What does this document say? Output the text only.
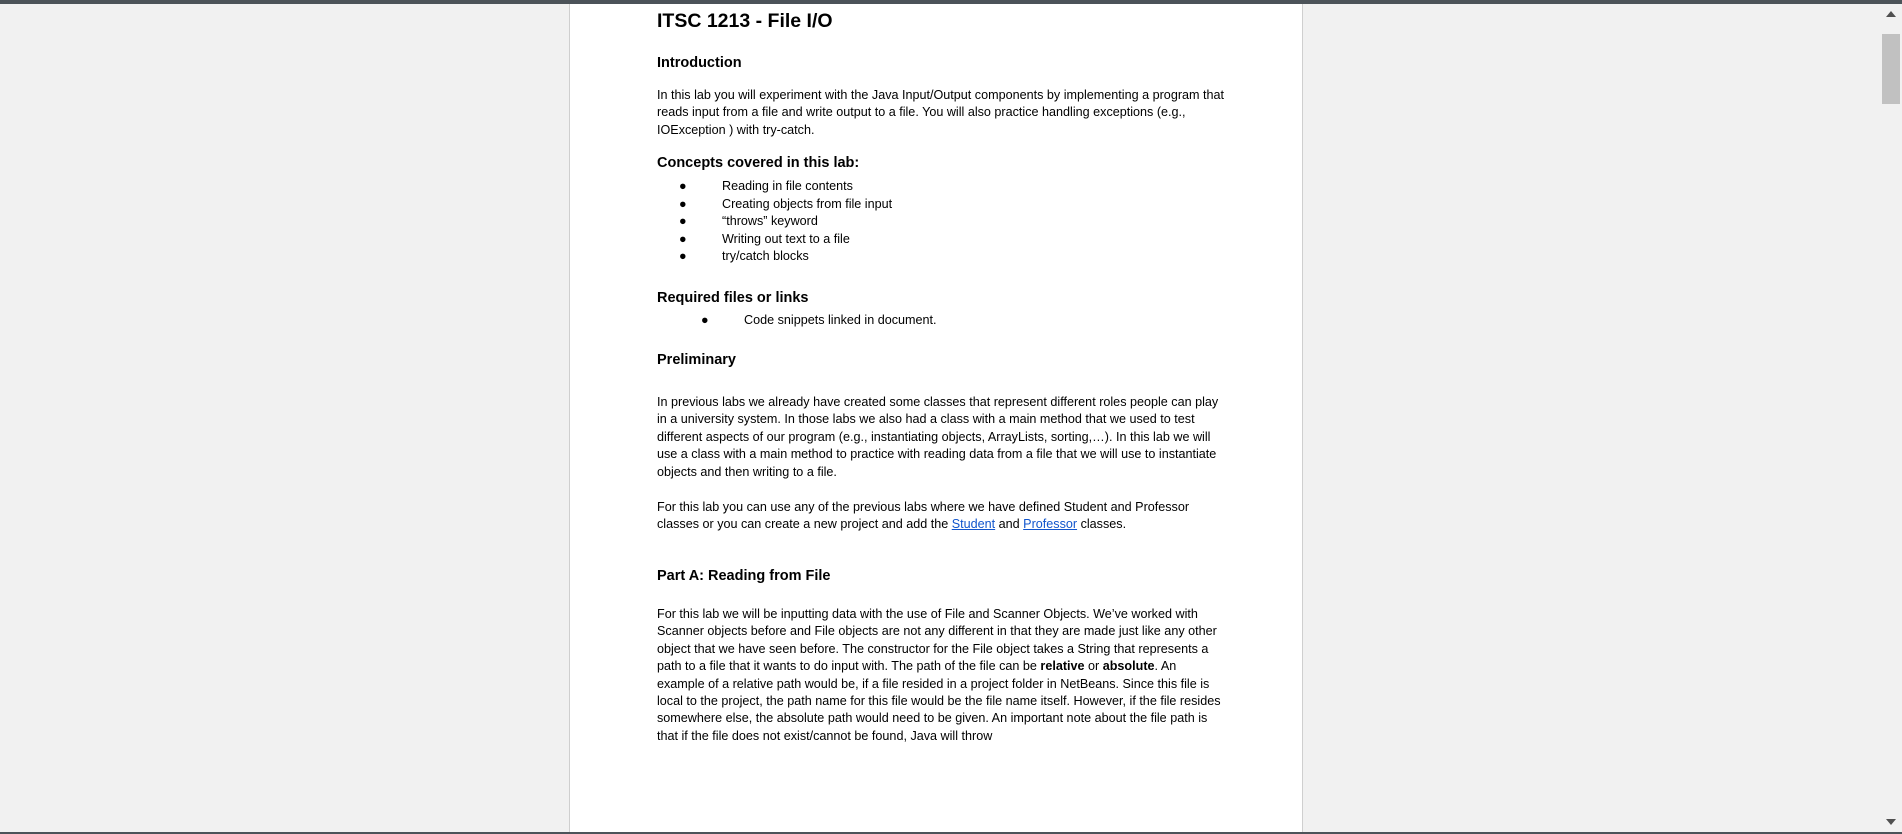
ITSC 1213 - File I/O
Introduction

In this lab you will experiment with the Java Input/Output components by implementing a program that reads input from a file and write output to a file. You will also practice handling exceptions (e.g., IOException ) with try-catch.

Concepts covered in this lab:
●	Reading in file contents
●	Creating objects from file input
●	“throws” keyword
●	Writing out text to a file
●	try/catch blocks
Required files or links
●	Code snippets linked in document.
Preliminary

In previous labs we already have created some classes that represent different roles people can play in a university system. In those labs we also had a class with a main method that we used to test different aspects of our program (e.g., instantiating objects, ArrayLists, sorting,…). In this lab we will use a class with a main method to practice with reading data from a file that we will use to instantiate objects and then writing to a file.

For this lab you can use any of the previous labs where we have defined Student and Professor classes or you can create a new project and add the Student and Professor classes.

Part A: Reading from File

For this lab we will be inputting data with the use of File and Scanner Objects. We’ve worked with Scanner objects before and File objects are not any different in that they are made just like any other object that we have seen before. The constructor for the File object takes a String that represents a path to a file that it wants to do input with. The path of the file can be relative or absolute. An example of a relative path would be, if a file resided in a project folder in NetBeans. Since this file is local to the project, the path name for this file would be the file name itself. However, if the file resides somewhere else, the absolute path would need to be given. An important note about the file path is that if the file does not exist/cannot be found, Java will throw
